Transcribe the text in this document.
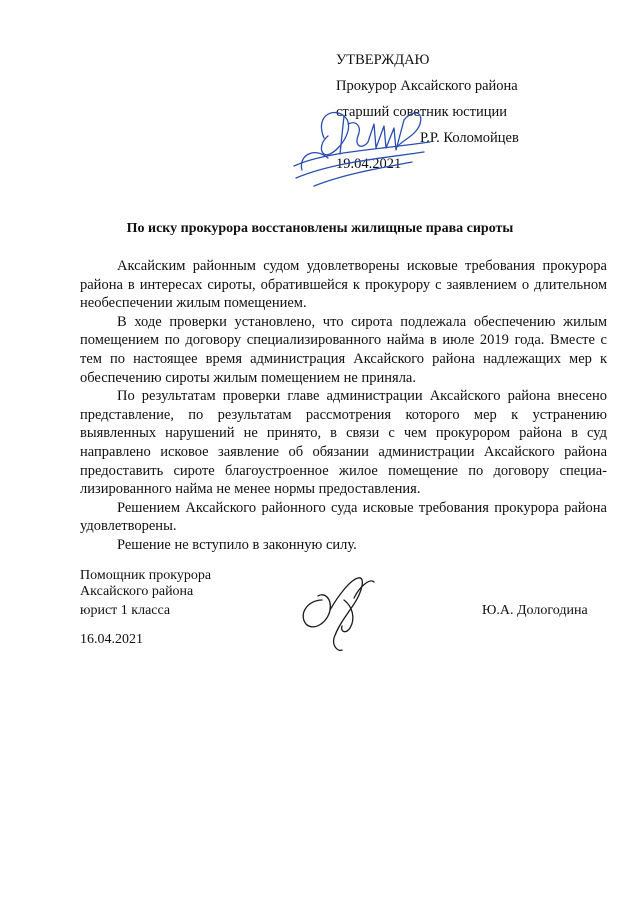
УТВЕРЖДАЮ
Прокурор Аксайского района
старший советник юстиции
Р.Р. Коломойцев
19.04.2021
По иску прокурора восстановлены жилищные права сироты

Аксайским районным судом удовлетворены исковые требования прокурора района в интересах сироты, обратившейся к прокурору с заявлением о длительном необеспечении жилым помещением.

В ходе проверки установлено, что сирота подлежала обеспечению жилым помещением по договору специализированного найма в июле 2019 года. Вместе с тем по настоящее время администрация Аксайского района надлежащих мер к обеспечению сироты жилым помещением не приняла.

По результатам проверки главе администрации Аксайского района внесено представление, по результатам рассмотрения которого мер к устранению выявленных нарушений не принято, в связи с чем прокурором района в суд направлено исковое заявление об обязании администрации Аксайского района предоставить сироте благоустроенное жилое помещение по договору специализированного найма не менее нормы предоставления.

Решением Аксайского районного суда исковые требования прокурора района удовлетворены.

Решение не вступило в законную силу.

Помощник прокурора
Аксайского района
юрист 1 класса
16.04.2021
Ю.А. Дологодина
